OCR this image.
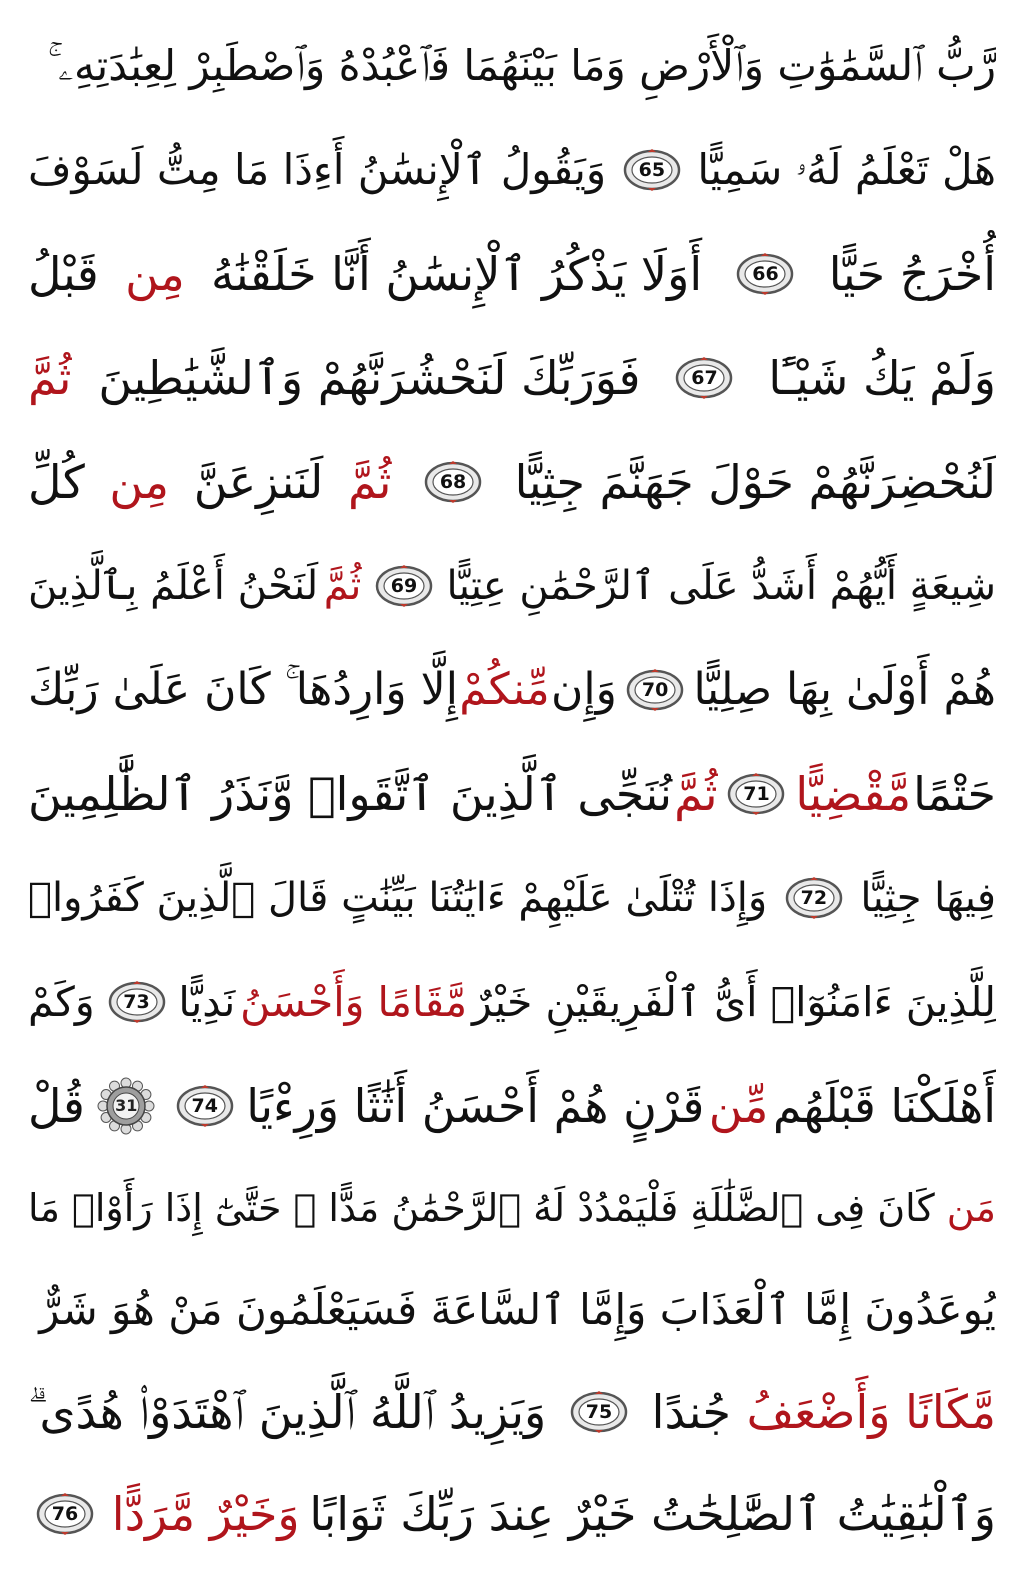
رَّبُّ ٱلسَّمَٰوَٰتِ وَٱلْأَرْضِ وَمَا بَيْنَهُمَا فَٱعْبُدْهُ وَٱصْطَبِرْ لِعِبَٰدَتِهِۦ ۚ
هَلْ تَعْلَمُ لَهُۥ سَمِيًّا
65
وَيَقُولُ ٱلْإِنسَٰنُ أَءِذَا مَا مِتُّ لَسَوْفَ
أُخْرَجُ حَيًّا
66
أَوَلَا يَذْكُرُ ٱلْإِنسَٰنُ أَنَّا خَلَقْنَٰهُ
مِن
قَبْلُ
وَلَمْ يَكُ شَيْـًٔا
67
فَوَرَبِّكَ لَنَحْشُرَنَّهُمْ وَٱلشَّيَٰطِينَ
ثُمَّ
لَنُحْضِرَنَّهُمْ حَوْلَ جَهَنَّمَ جِثِيًّا
68
ثُمَّ
لَنَنزِعَنَّ
مِن
كُلِّ
شِيعَةٍ أَيُّهُمْ أَشَدُّ عَلَى ٱلرَّحْمَٰنِ عِتِيًّا
69
ثُمَّ
لَنَحْنُ أَعْلَمُ بِٱلَّذِينَ
هُمْ أَوْلَىٰ بِهَا صِلِيًّا
70
وَإِن
مِّنكُمْ
إِلَّا وَارِدُهَا ۚ كَانَ عَلَىٰ رَبِّكَ
حَتْمًا
مَّقْضِيًّا
71
ثُمَّ
نُنَجِّى ٱلَّذِينَ ٱتَّقَوا۟ وَّنَذَرُ ٱلظَّٰلِمِينَ
فِيهَا جِثِيًّا
72
وَإِذَا تُتْلَىٰ عَلَيْهِمْ ءَايَٰتُنَا بَيِّنَٰتٍ قَالَ ٱلَّذِينَ كَفَرُوا۟
لِلَّذِينَ ءَامَنُوٓا۟ أَىُّ ٱلْفَرِيقَيْنِ خَيْرٌ
مَّقَامًا وَأَحْسَنُ
نَدِيًّا
73
وَكَمْ
أَهْلَكْنَا قَبْلَهُم
مِّن
قَرْنٍ هُمْ أَحْسَنُ أَثَٰثًا وَرِءْيًا
74
31
قُلْ
مَن
كَانَ فِى ٱلضَّلَٰلَةِ فَلْيَمْدُدْ لَهُ ٱلرَّحْمَٰنُ مَدًّا ۚ حَتَّىٰٓ إِذَا رَأَوْا۟ مَا
يُوعَدُونَ إِمَّا ٱلْعَذَابَ وَإِمَّا ٱلسَّاعَةَ فَسَيَعْلَمُونَ مَنْ هُوَ شَرٌّ
مَّكَانًا وَأَضْعَفُ
جُندًا
75
وَيَزِيدُ ٱللَّهُ ٱلَّذِينَ ٱهْتَدَوْا۟ هُدًى ۗ
وَٱلْبَٰقِيَٰتُ ٱلصَّٰلِحَٰتُ خَيْرٌ عِندَ رَبِّكَ ثَوَابًا
وَخَيْرٌ مَّرَدًّا
76
